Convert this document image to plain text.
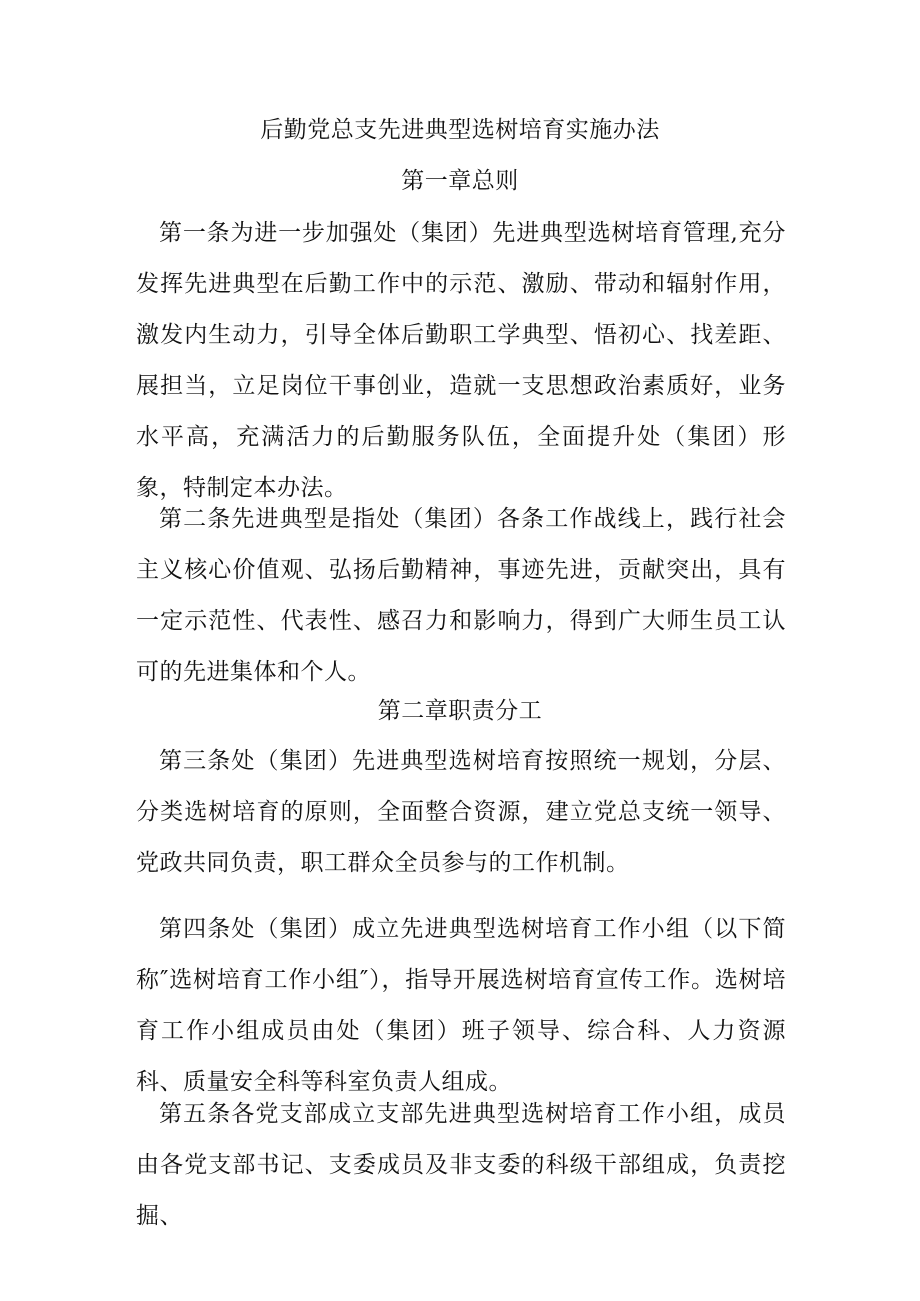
后勤党总支先进典型选树培育实施办法
第一章总则

第一条为进一步加强处（集团）先进典型选树培育管理,充分发挥先进典型在后勤工作中的示范、激励、带动和辐射作用，激发内生动力，引导全体后勤职工学典型、悟初心、找差距、展担当，立足岗位干事创业，造就一支思想政治素质好，业务水平高，充满活力的后勤服务队伍，全面提升处（集团）形象，特制定本办法。

第二条先进典型是指处（集团）各条工作战线上，践行社会主义核心价值观、弘扬后勤精神，事迹先进，贡献突出，具有一定示范性、代表性、感召力和影响力，得到广大师生员工认可的先进集体和个人。

第二章职责分工

第三条处（集团）先进典型选树培育按照统一规划，分层、分类选树培育的原则，全面整合资源，建立党总支统一领导、党政共同负责，职工群众全员参与的工作机制。

第四条处（集团）成立先进典型选树培育工作小组（以下简称″选树培育工作小组″），指导开展选树培育宣传工作。选树培育工作小组成员由处（集团）班子领导、综合科、人力资源科、质量安全科等科室负责人组成。

第五条各党支部成立支部先进典型选树培育工作小组，成员由各党支部书记、支委成员及非支委的科级干部组成，负责挖掘、
